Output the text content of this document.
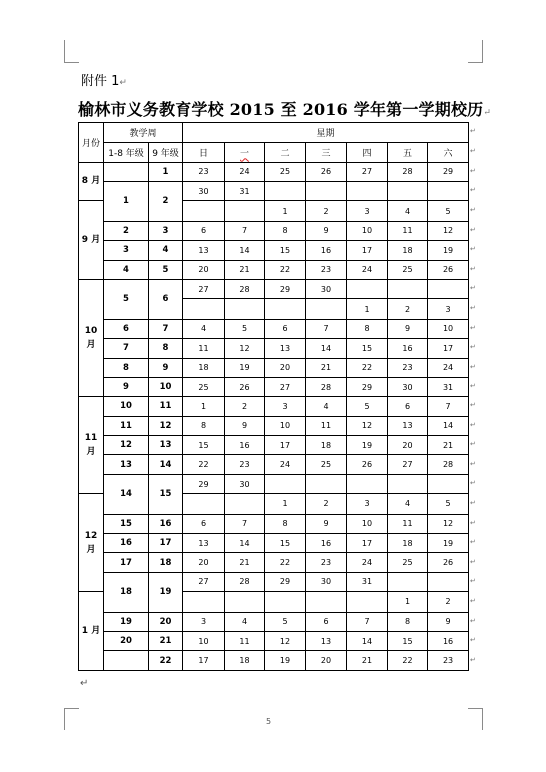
附件 1↵
榆林市义务教育学校 2015 至 2016 学年第一学期校历↵
月份	教学周		星期						
	1-8 年级	9 年级	日	一	二	三	四	五	六
8 月		1	23	24	25	26	27	28	29
	1	2	30	31					
9 月					1	2	3	4	5
	2	3	6	7	8	9	10	11	12
	3	4	13	14	15	16	17	18	19
	4	5	20	21	22	23	24	25	26
10 月	5	6	27	28	29	30			
							1	2	3
	6	7	4	5	6	7	8	9	10
	7	8	11	12	13	14	15	16	17
	8	9	18	19	20	21	22	23	24
	9	10	25	26	27	28	29	30	31
11 月	10	11	1	2	3	4	5	6	7
	11	12	8	9	10	11	12	13	14
	12	13	15	16	17	18	19	20	21
	13	14	22	23	24	25	26	27	28
	14	15	29	30					
12 月					1	2	3	4	5
	15	16	6	7	8	9	10	11	12
	16	17	13	14	15	16	17	18	19
	17	18	20	21	22	23	24	25	26
	18	19	27	28	29	30	31		
1 月								1	2
	19	20	3	4	5	6	7	8	9
	20	21	10	11	12	13	14	15	16
		22	17	18	19	20	21	22	23
↵
5
↵
↵
↵
↵
↵
↵
↵
↵
↵
↵
↵
↵
↵
↵
↵
↵
↵
↵
↵
↵
↵
↵
↵
↵
↵
↵
↵
↵
